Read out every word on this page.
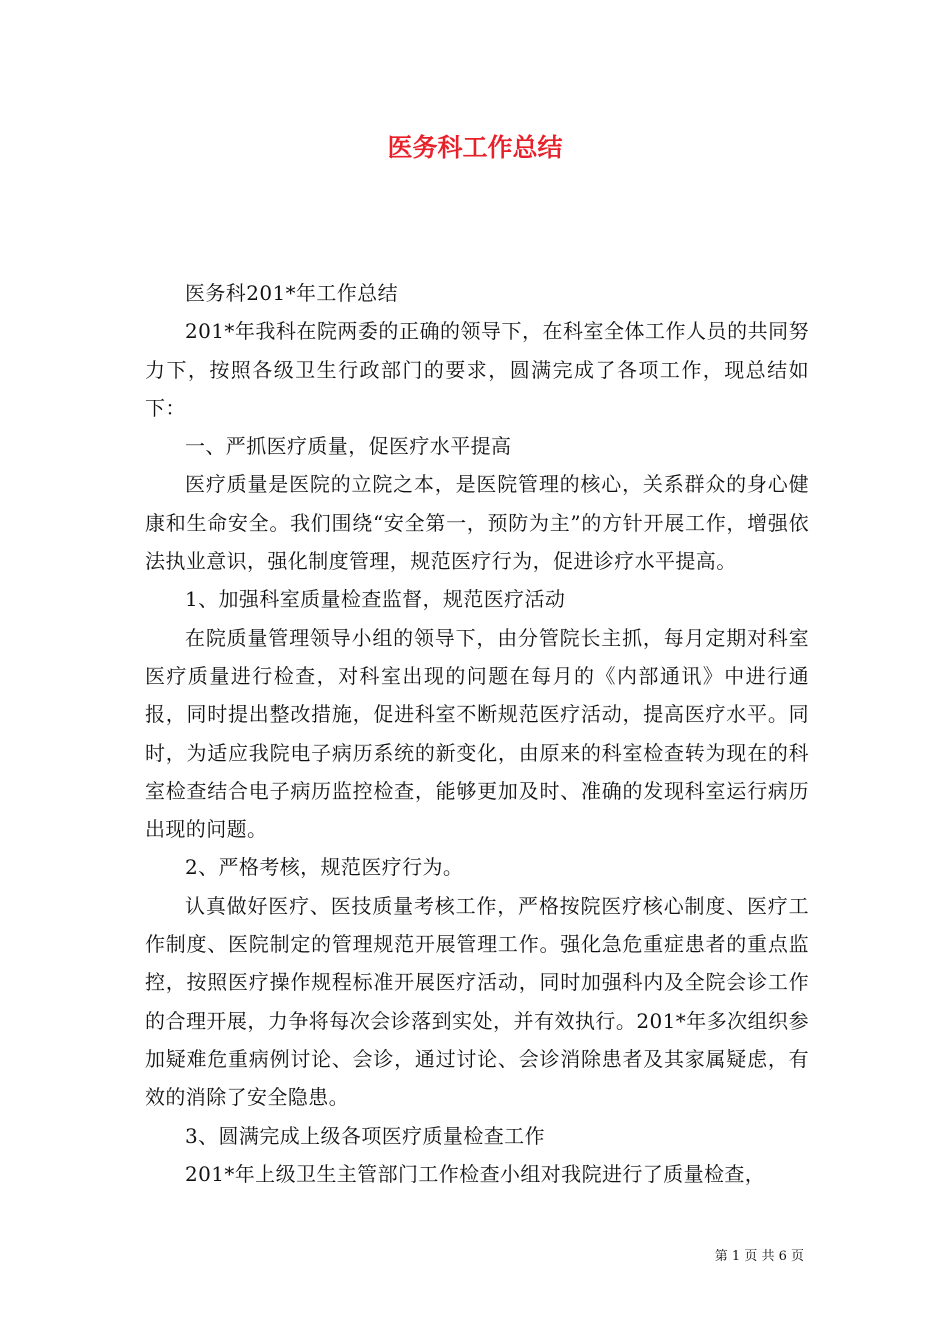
医务科工作总结

医务科201*年工作总结

201*年我科在院两委的正确的领导下，在科室全体工作人员的共同努力下，按照各级卫生行政部门的要求，圆满完成了各项工作，现总结如下：

一、严抓医疗质量，促医疗水平提高

医疗质量是医院的立院之本，是医院管理的核心，关系群众的身心健康和生命安全。我们围绕“安全第一，预防为主”的方针开展工作，增强依法执业意识，强化制度管理，规范医疗行为，促进诊疗水平提高。

1、加强科室质量检查监督，规范医疗活动

在院质量管理领导小组的领导下，由分管院长主抓，每月定期对科室医疗质量进行检查，对科室出现的问题在每月的《内部通讯》中进行通报，同时提出整改措施，促进科室不断规范医疗活动，提高医疗水平。同时，为适应我院电子病历系统的新变化，由原来的科室检查转为现在的科室检查结合电子病历监控检查，能够更加及时、准确的发现科室运行病历出现的问题。

2、严格考核，规范医疗行为。

认真做好医疗、医技质量考核工作，严格按院医疗核心制度、医疗工作制度、医院制定的管理规范开展管理工作。强化急危重症患者的重点监控，按照医疗操作规程标准开展医疗活动，同时加强科内及全院会诊工作的合理开展，力争将每次会诊落到实处，并有效执行。201*年多次组织参加疑难危重病例讨论、会诊，通过讨论、会诊消除患者及其家属疑虑，有效的消除了安全隐患。

3、圆满完成上级各项医疗质量检查工作

201*年上级卫生主管部门工作检查小组对我院进行了质量检查，

第 1 页 共 6 页
